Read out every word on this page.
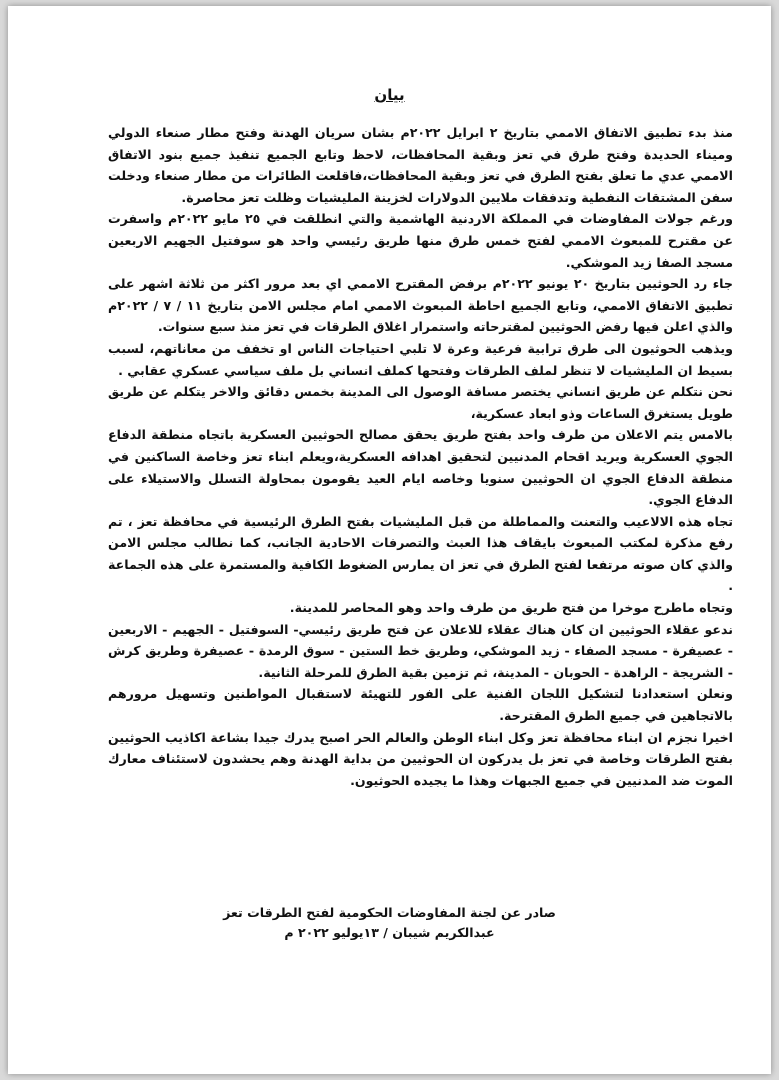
بيان

منذ بدء تطبيق الاتفاق الاممي بتاريخ ٢ ابرايل ٢٠٢٢م بشان سريان الهدنة وفتح مطار صنعاء الدولي وميناء الحديدة وفتح طرق في تعز وبقية المحافظات، لاحظ وتابع الجميع تنفيذ جميع بنود الاتفاق الاممي عدي ما تعلق بفتح الطرق في تعز وبقية المحافظات،فاقلعت الطائرات من مطار صنعاء ودخلت سفن المشتقات النفطية وتدفقات ملايين الدولارات لخزينة المليشيات وظلت تعز محاصرة.

ورغم جولات المفاوضات في المملكة الاردنية الهاشمية والتي انطلقت في ٢٥ مايو ٢٠٢٢م واسفرت عن مقترح للمبعوث الاممي لفتح خمس طرق منها طريق رئيسي واحد هو سوفتيل الجهيم الاربعين مسجد الصفا زيد الموشكي.

جاء رد الحوثيين بتاريخ ٢٠ يونيو ٢٠٢٢م برفض المقترح الاممي اي بعد مرور اكثر من ثلاثة اشهر على تطبيق الاتفاق الاممي، وتابع الجميع احاطة المبعوث الاممي امام مجلس الامن بتاريخ ١١ / ٧ / ٢٠٢٢م والذي اعلن فيها رفض الحوثيين لمقترحاته واستمرار اغلاق الطرقات في تعز منذ سبع سنوات.

ويذهب الحوثيون الى طرق ترابية فرعية وعرة لا تلبي احتياجات الناس او تخفف من معاناتهم، لسبب بسيط ان المليشيات لا تنظر لملف الطرقات وفتحها كملف انساني بل ملف سياسي عسكري عقابي .

نحن نتكلم عن طريق انساني يختصر مسافة الوصول الى المدينة بخمس دقائق والاخر يتكلم عن طريق طويل يستغرق الساعات وذو ابعاد عسكرية،

بالامس يتم الاعلان من طرف واحد بفتح طريق يحقق مصالح الحوثيين العسكرية باتجاه منطقة الدفاع الجوي العسكرية ويريد اقحام المدنيين لتحقيق اهدافه العسكرية،ويعلم ابناء تعز وخاصة الساكنين في منطقة الدفاع الجوي ان الحوثيين سنويا وخاصه ايام العيد يقومون بمحاولة التسلل والاستيلاء على الدفاع الجوي.

تجاه هذه الالاعيب والتعنت والمماطلة من قبل المليشيات بفتح الطرق الرئيسية في محافظة تعز ، تم رفع مذكرة لمكتب المبعوث بايقاف هذا العبث والتصرفات الاحادية الجانب، كما نطالب مجلس الامن والذي كان صوته مرتفعا لفتح الطرق في تعز ان يمارس الضغوط الكافية والمستمرة على هذه الجماعة .

وتجاه ماطرح موخرا من فتح طريق من طرف واحد وهو المحاصر للمدينة.

ندعو عقلاء الحوثيين ان كان هناك عقلاء للاعلان عن فتح طريق رئيسي- السوفتيل - الجهيم - الاربعين - عصيفرة - مسجد الصفاء - زيد الموشكي، وطريق خط الستين - سوق الرمدة - عصيفرة وطريق كرش - الشريجة - الراهدة - الحوبان - المدينة، ثم تزمين بقية الطرق للمرحلة الثانية.

ونعلن استعدادنا لتشكيل اللجان الفنية على الفور للتهيئة لاستقبال المواطنين وتسهيل مرورهم بالاتجاهين في جميع الطرق المقترحة.

اخيرا نجزم ان ابناء محافظة تعز وكل ابناء الوطن والعالم الحر اصبح يدرك جيدا بشاعة اكاذيب الحوثيين بفتح الطرقات وخاصة في تعز بل يدركون ان الحوثيين من بداية الهدنة وهم يحشدون لاستئناف معارك الموت ضد المدنيين في جميع الجبهات وهذا ما يجيده الحوثيون.

صادر عن لجنة المفاوضات الحكومية لفتح الطرقات تعز
عبدالكريم شيبان / ١٣يوليو ٢٠٢٢ م
